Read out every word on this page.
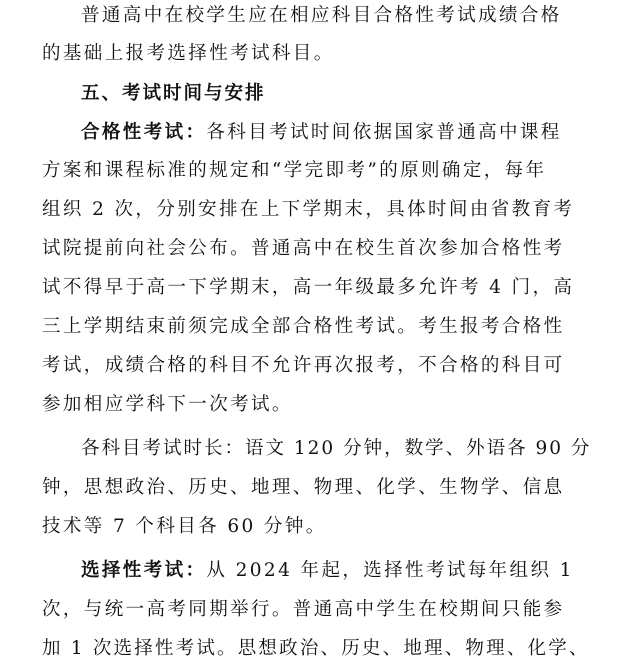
普通高中在校学生应在相应科目合格性考试成绩合格
的基础上报考选择性考试科目。
五、考试时间与安排
合格性考试：各科目考试时间依据国家普通高中课程
方案和课程标准的规定和“学完即考”的原则确定，每年
组织 2 次，分别安排在上下学期末，具体时间由省教育考
试院提前向社会公布。普通高中在校生首次参加合格性考
试不得早于高一下学期末，高一年级最多允许考 4 门，高
三上学期结束前须完成全部合格性考试。考生报考合格性
考试，成绩合格的科目不允许再次报考，不合格的科目可
参加相应学科下一次考试。
各科目考试时长：语文 120 分钟，数学、外语各 90 分
钟，思想政治、历史、地理、物理、化学、生物学、信息
技术等 7 个科目各 60 分钟。
选择性考试：从 2024 年起，选择性考试每年组织 1
次，与统一高考同期举行。普通高中学生在校期间只能参
加 1 次选择性考试。思想政治、历史、地理、物理、化学、
